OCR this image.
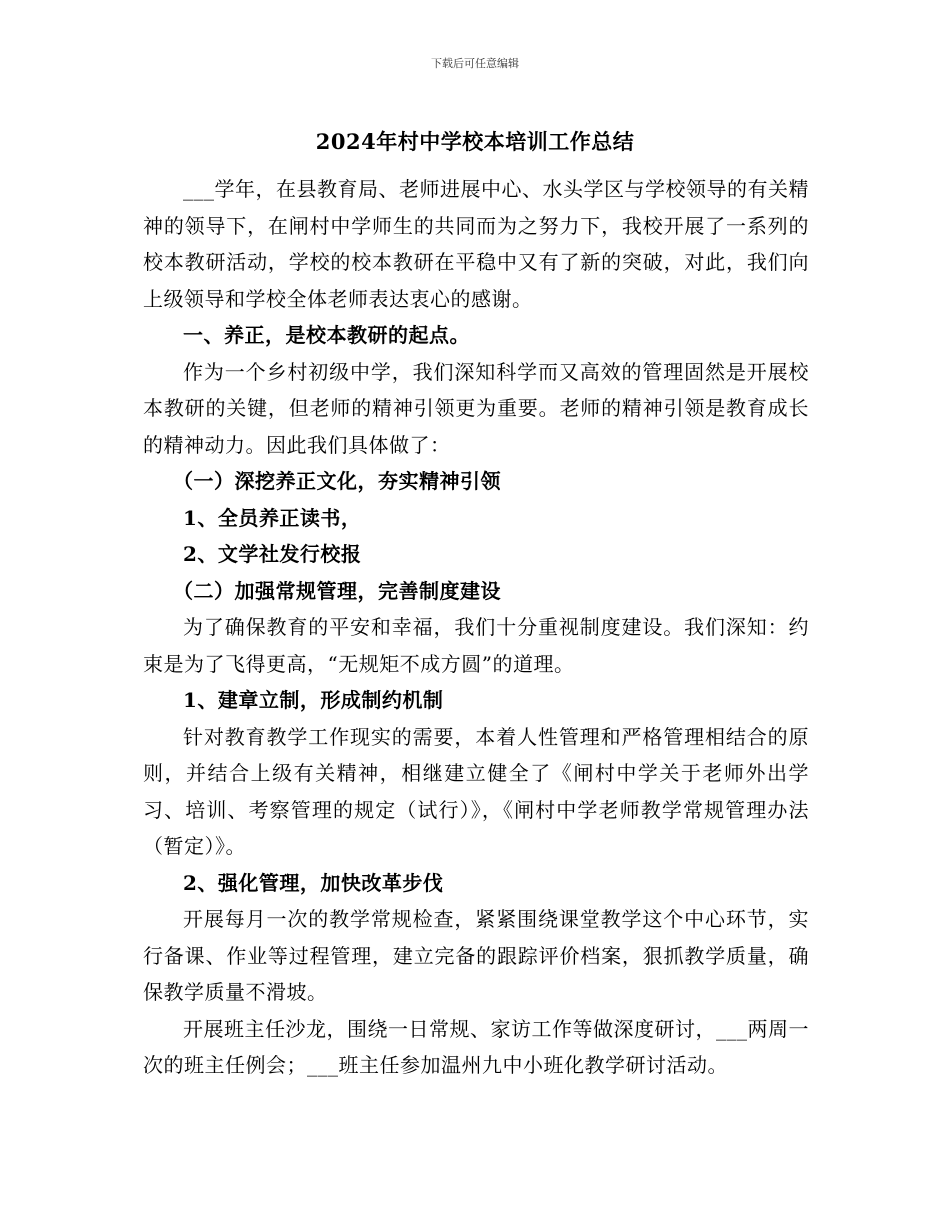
下载后可任意编辑
2024年村中学校本培训工作总结

___学年，在县教育局、老师进展中心、水头学区与学校领导的有关精神的领导下，在闸村中学师生的共同而为之努力下，我校开展了一系列的校本教研活动，学校的校本教研在平稳中又有了新的突破，对此，我们向上级领导和学校全体老师表达衷心的感谢。

一、养正，是校本教研的起点。

作为一个乡村初级中学，我们深知科学而又高效的管理固然是开展校本教研的关键，但老师的精神引领更为重要。老师的精神引领是教育成长的精神动力。因此我们具体做了：

（一）深挖养正文化，夯实精神引领

1、全员养正读书，

2、文学社发行校报

（二）加强常规管理，完善制度建设

为了确保教育的平安和幸福，我们十分重视制度建设。我们深知：约束是为了飞得更高，“无规矩不成方圆”的道理。

1、建章立制，形成制约机制

针对教育教学工作现实的需要，本着人性管理和严格管理相结合的原则，并结合上级有关精神，相继建立健全了《闸村中学关于老师外出学习、培训、考察管理的规定（试行）》，《闸村中学老师教学常规管理办法（暂定）》。

2、强化管理，加快改革步伐

开展每月一次的教学常规检查，紧紧围绕课堂教学这个中心环节，实行备课、作业等过程管理，建立完备的跟踪评价档案，狠抓教学质量，确保教学质量不滑坡。

开展班主任沙龙，围绕一日常规、家访工作等做深度研讨，___两周一次的班主任例会；___班主任参加温州九中小班化教学研讨活动。
